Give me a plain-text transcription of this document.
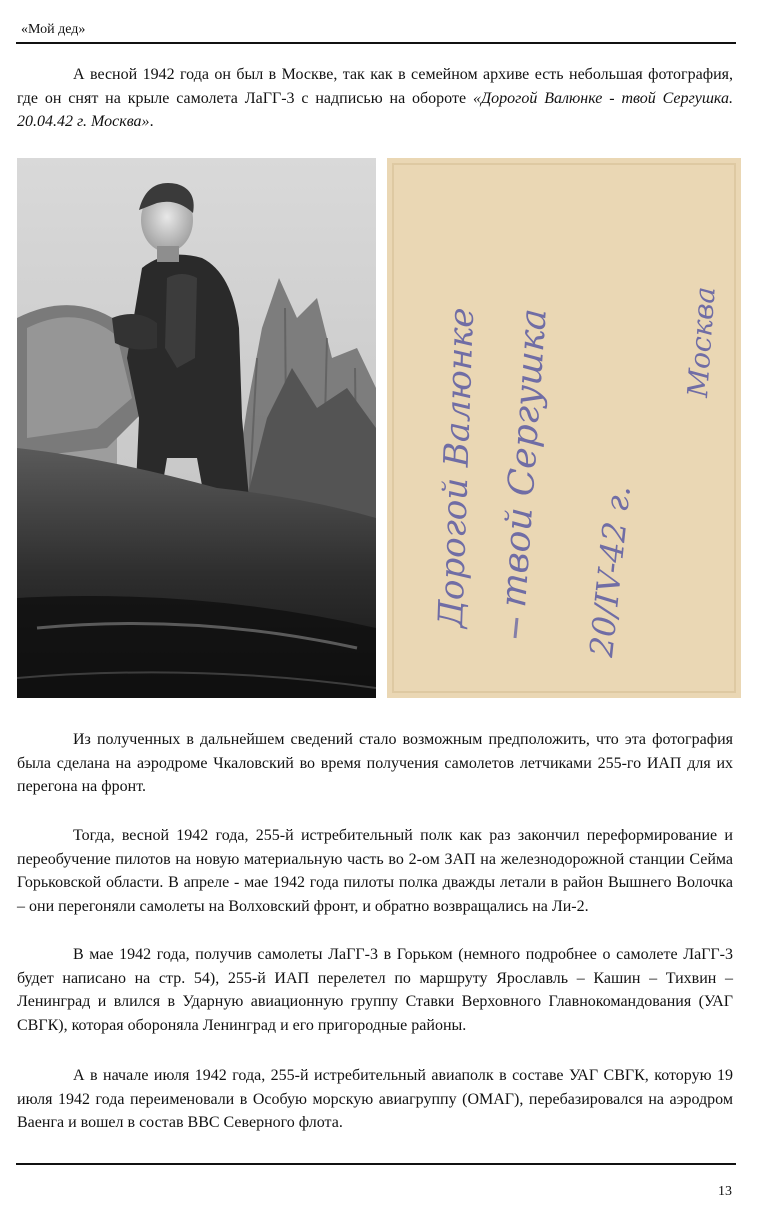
«Мой дед»

А весной 1942 года он был в Москве, так как в семейном архиве есть небольшая фотография, где он снят на крыле самолета ЛаГГ-3 с надписью на обороте «Дорогой Валюнке - твой Сергушка. 20.04.42 г. Москва».

Дорогой Валюнке твой Сергушка 20/IV-42 г.
Москва

Из полученных в дальнейшем сведений стало возможным предположить, что эта фотография была сделана на аэродроме Чкаловский во время получения самолетов летчиками 255-го ИАП для их перегона на фронт.

Тогда, весной 1942 года, 255-й истребительный полк как раз закончил переформирование и переобучение пилотов на новую материальную часть во 2-ом ЗАП на железнодорожной станции Сейма Горьковской области. В апреле - мае 1942 года пилоты полка дважды летали в район Вышнего Волочка – они перегоняли самолеты на Волховский фронт, и обратно возвращались на Ли-2.

В мае 1942 года, получив самолеты ЛаГГ-3 в Горьком (немного подробнее о самолете ЛаГГ-3 будет написано на стр. 54), 255-й ИАП перелетел по маршруту Ярославль – Кашин – Тихвин – Ленинград и влился в Ударную авиационную группу Ставки Верховного Главнокомандования (УАГ СВГК), которая обороняла Ленинград и его пригородные районы.

А в начале июля 1942 года, 255-й истребительный авиаполк в составе УАГ СВГК, которую 19 июля 1942 года переименовали в Особую морскую авиагруппу (ОМАГ), перебазировался на аэродром Ваенга и вошел в состав ВВС Северного флота.

13
